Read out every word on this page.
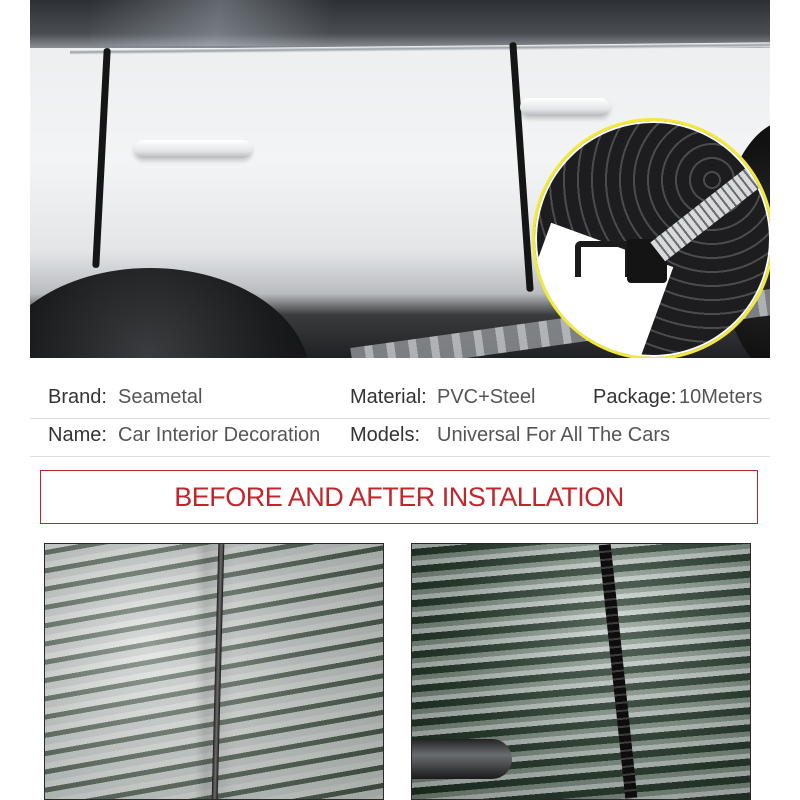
Brand: Seametal	Material: PVC+Steel	Package: 10Meters
Name: Car Interior Decoration Models: Universal For All The Cars
BEFORE AND AFTER INSTALLATION
